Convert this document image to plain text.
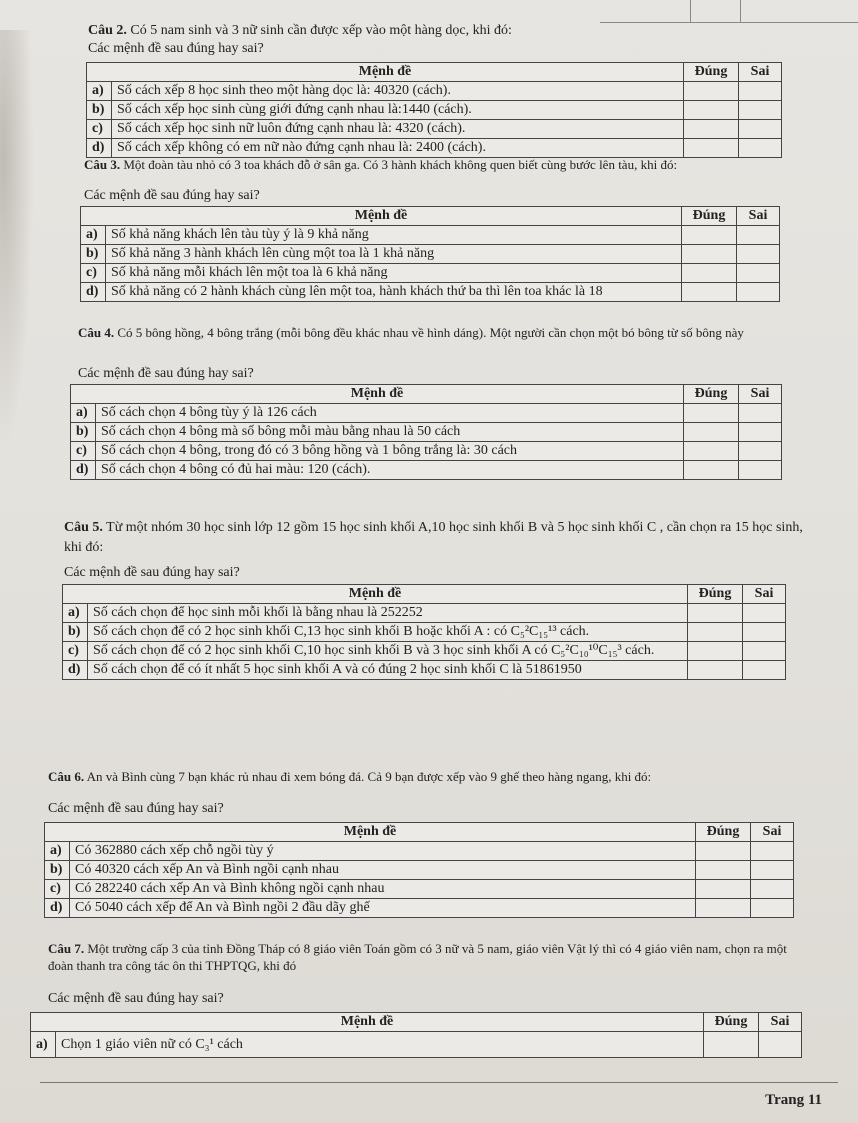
Câu 2. Có 5 nam sinh và 3 nữ sinh cần được xếp vào một hàng dọc, khi đó:
Các mệnh đề sau đúng hay sai?
Mệnh đề		Đúng	Sai
a)	Số cách xếp 8 học sinh theo một hàng dọc là: 40320 (cách).		
b)	Số cách xếp học sinh cùng giới đứng cạnh nhau là:1440 (cách).		
c)	Số cách xếp học sinh nữ luôn đứng cạnh nhau là: 4320 (cách).		
d)	Số cách xếp không có em nữ nào đứng cạnh nhau là: 2400 (cách).		
Câu 3. Một đoàn tàu nhỏ có 3 toa khách đỗ ở sân ga. Có 3 hành khách không quen biết cùng bước lên tàu, khi đó:
Các mệnh đề sau đúng hay sai?
Mệnh đề		Đúng	Sai
a)	Số khả năng khách lên tàu tùy ý là 9 khả năng		
b)	Số khả năng 3 hành khách lên cùng một toa là 1 khả năng		
c)	Số khả năng mỗi khách lên một toa là 6 khả năng		
d)	Số khả năng có 2 hành khách cùng lên một toa, hành khách thứ ba thì lên toa khác là 18		
Câu 4. Có 5 bông hồng, 4 bông trắng (mỗi bông đều khác nhau về hình dáng). Một người cần chọn một bó bông từ số bông này
Các mệnh đề sau đúng hay sai?
Mệnh đề		Đúng	Sai
a)	Số cách chọn 4 bông tùy ý là 126 cách		
b)	Số cách chọn 4 bông mà số bông mỗi màu bằng nhau là 50 cách		
c)	Số cách chọn 4 bông, trong đó có 3 bông hồng và 1 bông trắng là: 30 cách		
d)	Số cách chọn 4 bông có đủ hai màu: 120 (cách).		
Câu 5. Từ một nhóm 30 học sinh lớp 12 gồm 15 học sinh khối A,10 học sinh khối B và 5 học sinh khối C , cần chọn ra 15 học sinh, khi đó:
Các mệnh đề sau đúng hay sai?
Mệnh đề		Đúng	Sai
a)	Số cách chọn để học sinh mỗi khối là bằng nhau là 252252		
b)	Số cách chọn để có 2 học sinh khối C,13 học sinh khối B hoặc khối A : có C₅²C₁₅¹³ cách.		
c)	Số cách chọn để có 2 học sinh khối C,10 học sinh khối B và 3 học sinh khối A có C₅²C₁₀¹⁰C₁₅³ cách.		
d)	Số cách chọn để có ít nhất 5 học sinh khối A và có đúng 2 học sinh khối C là 51861950		
Câu 6. An và Bình cùng 7 bạn khác rủ nhau đi xem bóng đá. Cả 9 bạn được xếp vào 9 ghế theo hàng ngang, khi đó:
Các mệnh đề sau đúng hay sai?
Mệnh đề		Đúng	Sai
a)	Có 362880 cách xếp chỗ ngồi tùy ý		
b)	Có 40320 cách xếp An và Bình ngồi cạnh nhau		
c)	Có 282240 cách xếp An và Bình không ngồi cạnh nhau		
d)	Có 5040 cách xếp để An và Bình ngồi 2 đầu dãy ghế		
Câu 7. Một trường cấp 3 của tỉnh Đồng Tháp có 8 giáo viên Toán gồm có 3 nữ và 5 nam, giáo viên Vật lý thì có 4 giáo viên nam, chọn ra một đoàn thanh tra công tác ôn thi THPTQG, khi đó
Các mệnh đề sau đúng hay sai?
Mệnh đề		Đúng	Sai
a)	Chọn 1 giáo viên nữ có C₃¹ cách		
Trang 11
